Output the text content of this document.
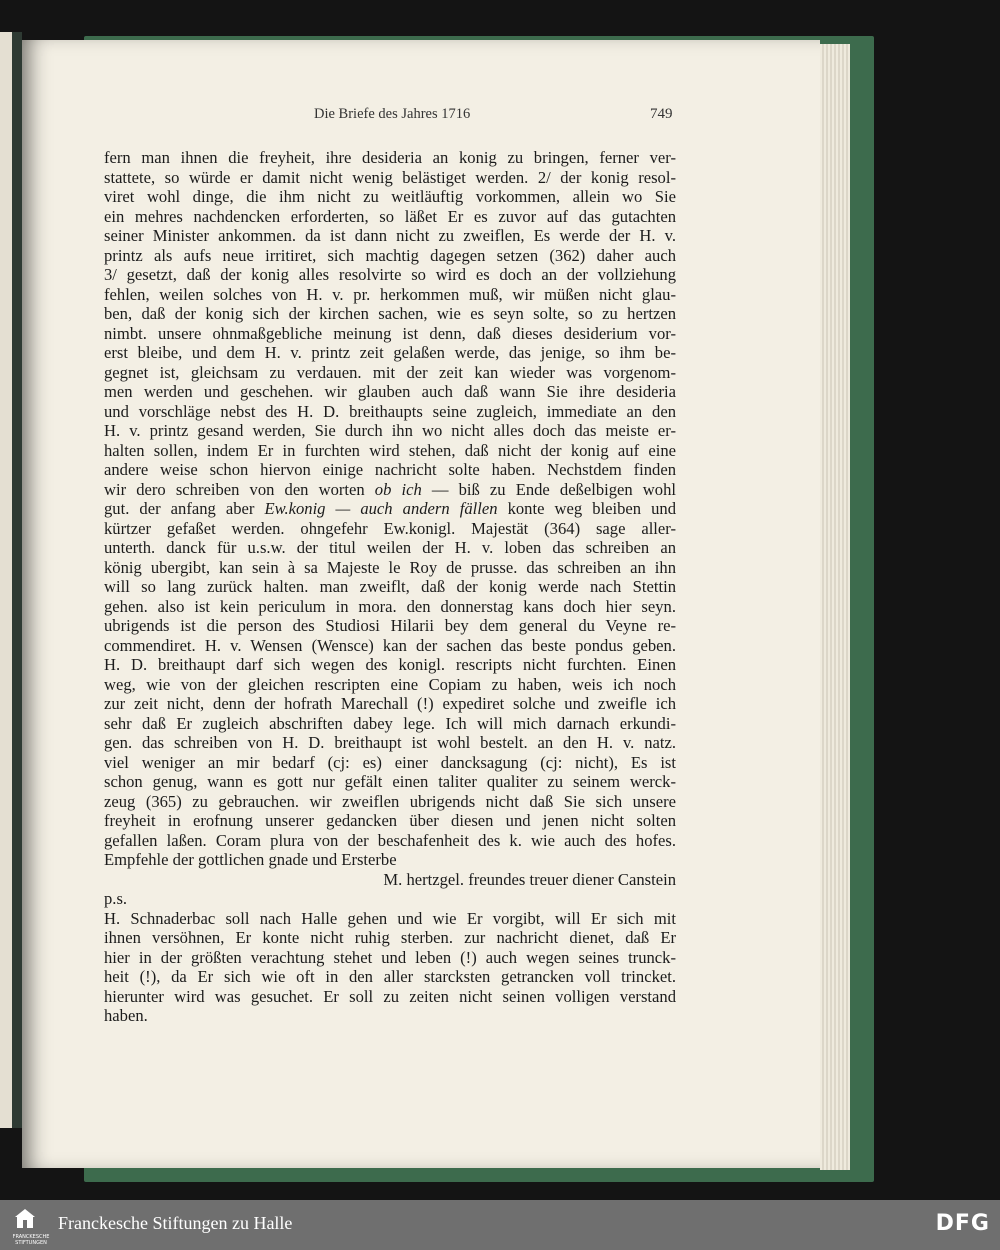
Die Briefe des Jahres 1716	749
fern man ihnen die freyheit, ihre desideria an konig zu bringen, ferner ver-
stattete, so würde er damit nicht wenig belästiget werden. 2/ der konig resol-
viret wohl dinge, die ihm nicht zu weitläuftig vorkommen, allein wo Sie
ein mehres nachdencken erforderten, so läßet Er es zuvor auf das gutachten
seiner Minister ankommen. da ist dann nicht zu zweiflen, Es werde der H. v.
printz als aufs neue irritiret, sich machtig dagegen setzen (362) daher auch
3/ gesetzt, daß der konig alles resolvirte so wird es doch an der vollziehung
fehlen, weilen solches von H. v. pr. herkommen muß, wir müßen nicht glau-
ben, daß der konig sich der kirchen sachen, wie es seyn solte, so zu hertzen
nimbt. unsere ohnmaßgebliche meinung ist denn, daß dieses desiderium vor-
erst bleibe, und dem H. v. printz zeit gelaßen werde, das jenige, so ihm be-
gegnet ist, gleichsam zu verdauen. mit der zeit kan wieder was vorgenom-
men werden und geschehen. wir glauben auch daß wann Sie ihre desideria
und vorschläge nebst des H. D. breithaupts seine zugleich, immediate an den
H. v. printz gesand werden, Sie durch ihn wo nicht alles doch das meiste er-
halten sollen, indem Er in furchten wird stehen, daß nicht der konig auf eine
andere weise schon hiervon einige nachricht solte haben. Nechstdem finden
wir dero schreiben von den worten ob ich — biß zu Ende deßelbigen wohl
gut. der anfang aber Ew.konig — auch andern fällen konte weg bleiben und
kürtzer gefaßet werden. ohngefehr Ew.konigl. Majestät (364) sage aller-
unterth. danck für u.s.w. der titul weilen der H. v. loben das schreiben an
könig ubergibt, kan sein à sa Majeste le Roy de prusse. das schreiben an ihn
will so lang zurück halten. man zweiflt, daß der konig werde nach Stettin
gehen. also ist kein periculum in mora. den donnerstag kans doch hier seyn.
ubrigends ist die person des Studiosi Hilarii bey dem general du Veyne re-
commendiret. H. v. Wensen (Wensce) kan der sachen das beste pondus geben.
H. D. breithaupt darf sich wegen des konigl. rescripts nicht furchten. Einen
weg, wie von der gleichen rescripten eine Copiam zu haben, weis ich noch
zur zeit nicht, denn der hofrath Marechall (!) expediret solche und zweifle ich
sehr daß Er zugleich abschriften dabey lege. Ich will mich darnach erkundi-
gen. das schreiben von H. D. breithaupt ist wohl bestelt. an den H. v. natz.
viel weniger an mir bedarf (cj: es) einer dancksagung (cj: nicht), Es ist
schon genug, wann es gott nur gefält einen taliter qualiter zu seinem werck-
zeug (365) zu gebrauchen. wir zweiflen ubrigends nicht daß Sie sich unsere
freyheit in erofnung unserer gedancken über diesen und jenen nicht solten
gefallen laßen. Coram plura von der beschafenheit des k. wie auch des hofes.
Empfehle der gottlichen gnade und Ersterbe
M. hertzgel. freundes treuer diener Canstein
p.s.
H. Schnaderbac soll nach Halle gehen und wie Er vorgibt, will Er sich mit
ihnen versöhnen, Er konte nicht ruhig sterben. zur nachricht dienet, daß Er
hier in der größten verachtung stehet und leben (!) auch wegen seines trunck-
heit (!), da Er sich wie oft in den aller starcksten getrancken voll trincket.
hierunter wird was gesuchet. Er soll zu zeiten nicht seinen volligen verstand
haben.
FRANCKESCHE STIFTUNGEN
Franckesche Stiftungen zu Halle	DFG
